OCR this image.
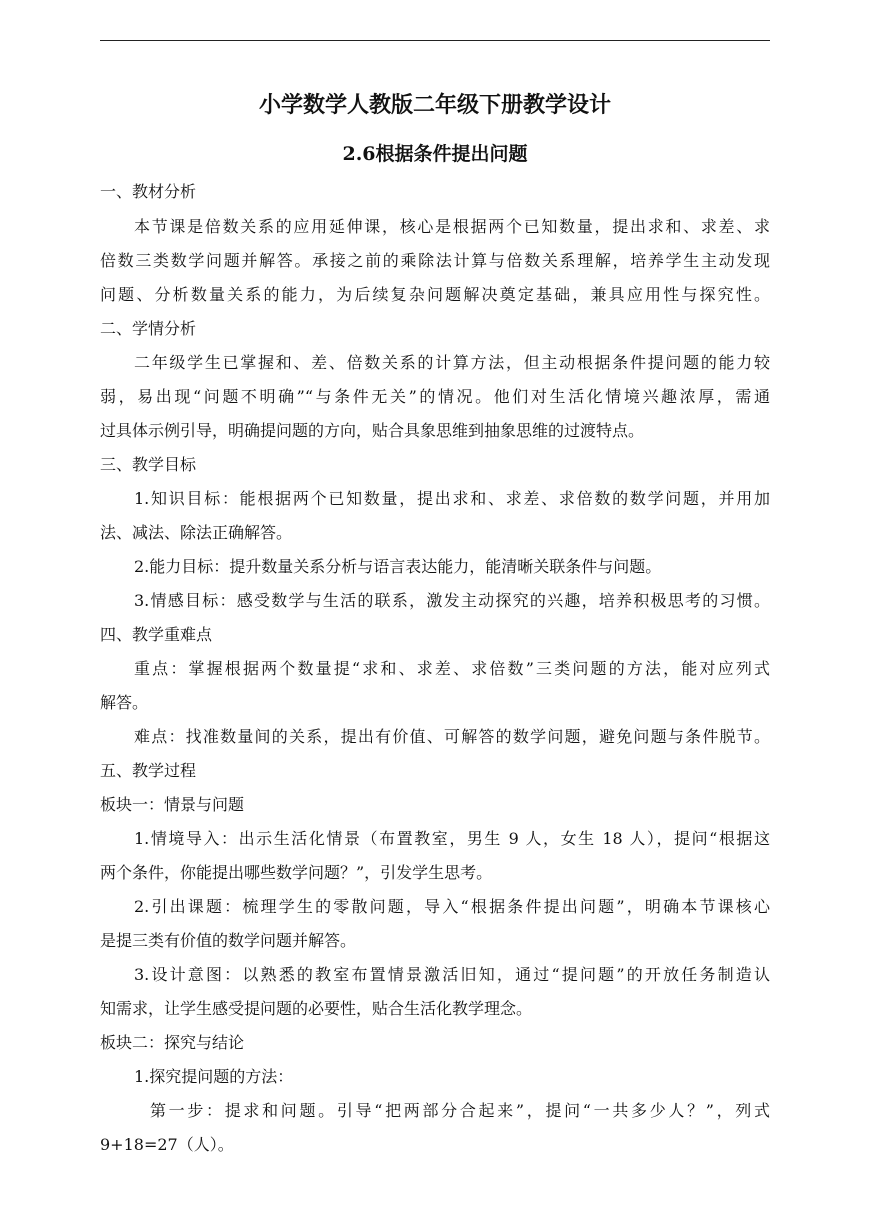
小学数学人教版二年级下册教学设计
2.6根据条件提出问题
一、教材分析
本节课是倍数关系的应用延伸课，核心是根据两个已知数量，提出求和、求差、求
倍数三类数学问题并解答。承接之前的乘除法计算与倍数关系理解，培养学生主动发现
问题、分析数量关系的能力，为后续复杂问题解决奠定基础，兼具应用性与探究性。
二、学情分析
二年级学生已掌握和、差、倍数关系的计算方法，但主动根据条件提问题的能力较
弱，易出现“问题不明确”“与条件无关”的情况。他们对生活化情境兴趣浓厚，需通
过具体示例引导，明确提问题的方向，贴合具象思维到抽象思维的过渡特点。
三、教学目标
1.知识目标：能根据两个已知数量，提出求和、求差、求倍数的数学问题，并用加
法、减法、除法正确解答。
2.能力目标：提升数量关系分析与语言表达能力，能清晰关联条件与问题。
3.情感目标：感受数学与生活的联系，激发主动探究的兴趣，培养积极思考的习惯。
四、教学重难点
重点：掌握根据两个数量提“求和、求差、求倍数”三类问题的方法，能对应列式
解答。
难点：找准数量间的关系，提出有价值、可解答的数学问题，避免问题与条件脱节。
五、教学过程
板块一：情景与问题
1.情境导入：出示生活化情景（布置教室，男生 9 人，女生 18 人），提问“根据这
两个条件，你能提出哪些数学问题？”，引发学生思考。
2.引出课题：梳理学生的零散问题，导入“根据条件提出问题”，明确本节课核心
是提三类有价值的数学问题并解答。
3.设计意图：以熟悉的教室布置情景激活旧知，通过“提问题”的开放任务制造认
知需求，让学生感受提问题的必要性，贴合生活化教学理念。
板块二：探究与结论
1.探究提问题的方法：
第一步：提求和问题。引导“把两部分合起来”，提问“一共多少人？”，列式
9+18=27（人）。
